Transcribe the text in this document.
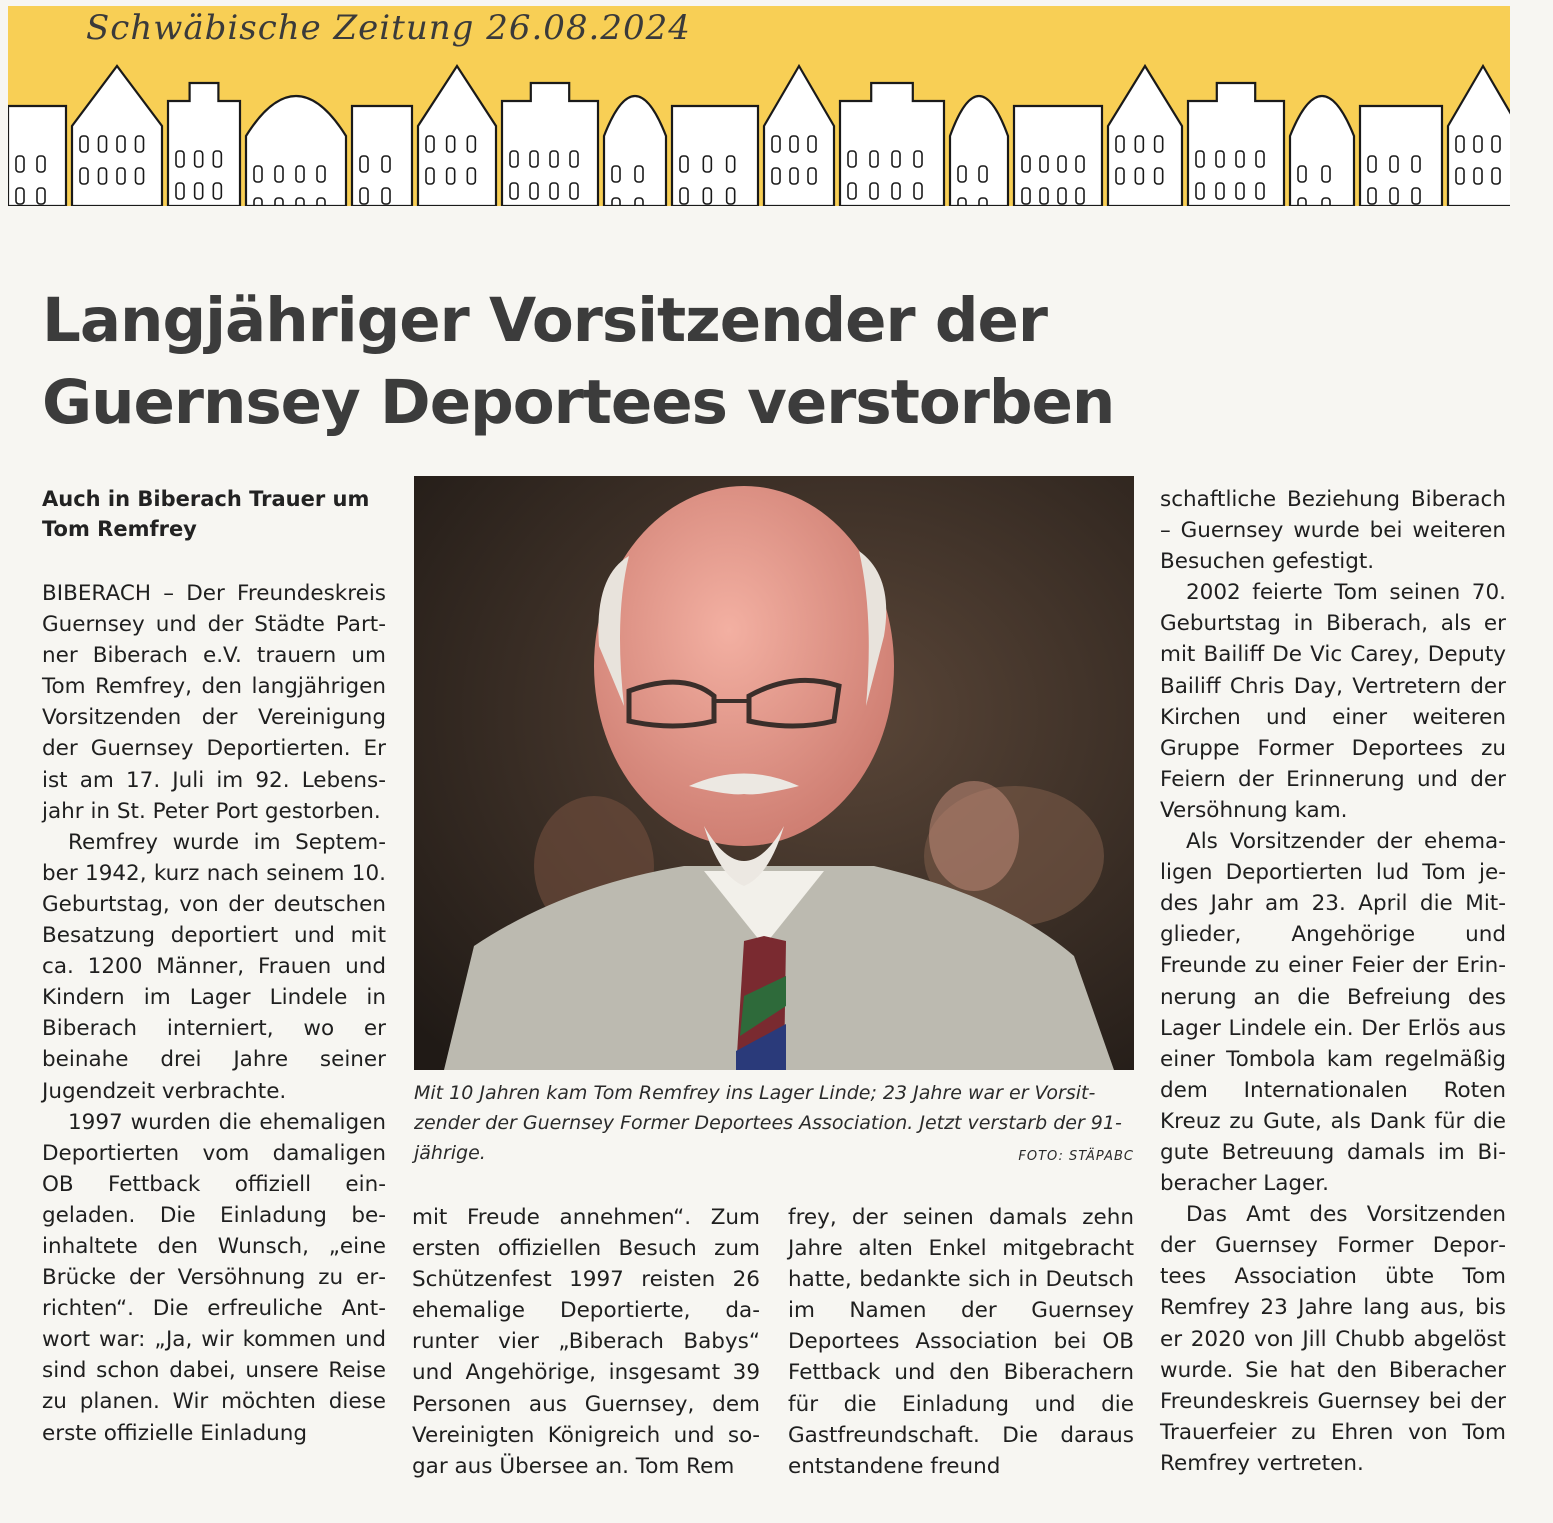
Schwäbische Zeitung 26.08.2024
Langjähriger Vorsitzender der
Guernsey Deportees verstorben
Auch in Biberach Trauer um Tom Remfrey

BIBERACH – Der Freundeskreis Guernsey und der Städte Partner Biberach e.V. trauern um Tom Remfrey, den langjährigen Vorsitzenden der Vereinigung der Guernsey Deportierten. Er ist am 17. Juli im 92. Lebensjahr in St. Peter Port gestorben.

Remfrey wurde im September 1942, kurz nach seinem 10. Geburtstag, von der deutschen Besatzung deportiert und mit ca. 1200 Männer, Frauen und Kindern im Lager Lindele in Biberach interniert, wo er beinahe drei Jahre seiner Jugendzeit verbrachte.

1997 wurden die ehemaligen Deportierten vom damaligen OB Fettback offiziell eingeladen. Die Einladung beinhaltete den Wunsch, „eine Brücke der Versöhnung zu errichten“. Die erfreuliche Antwort war: „Ja, wir kommen und sind schon dabei, unsere Reise zu planen. Wir möchten diese erste offizielle Einladung

Mit 10 Jahren kam Tom Remfrey ins Lager Linde; 23 Jahre war er Vorsit-
zender der Guernsey Former Deportees Association. Jetzt verstarb der 91-
jährige.	FOTO: STÄPABC

mit Freude annehmen“. Zum ersten offiziellen Besuch zum Schützenfest 1997 reisten 26 ehemalige Deportierte, darunter vier „Biberach Babys“ und Angehörige, insgesamt 39 Personen aus Guernsey, dem Vereinigten Königreich und sogar aus Übersee an. Tom Rem

frey, der seinen damals zehn Jahre alten Enkel mitgebracht hatte, bedankte sich in Deutsch im Namen der Guernsey Deportees Association bei OB Fettback und den Biberachern für die Einladung und die Gastfreundschaft. Die daraus entstandene freund

schaftliche Beziehung Biberach – Guernsey wurde bei weiteren Besuchen gefestigt.

2002 feierte Tom seinen 70. Geburtstag in Biberach, als er mit Bailiff De Vic Carey, Deputy Bailiff Chris Day, Vertretern der Kirchen und einer weiteren Gruppe Former Deportees zu Feiern der Erinnerung und der Versöhnung kam.

Als Vorsitzender der ehemaligen Deportierten lud Tom jedes Jahr am 23. April die Mitglieder, Angehörige und Freunde zu einer Feier der Erinnerung an die Befreiung des Lager Lindele ein. Der Erlös aus einer Tombola kam regelmäßig dem Internationalen Roten Kreuz zu Gute, als Dank für die gute Betreuung damals im Biberacher Lager.

Das Amt des Vorsitzenden der Guernsey Former Deportees Association übte Tom Remfrey 23 Jahre lang aus, bis er 2020 von Jill Chubb abgelöst wurde. Sie hat den Biberacher Freundeskreis Guernsey bei der Trauerfeier zu Ehren von Tom Remfrey vertreten.
